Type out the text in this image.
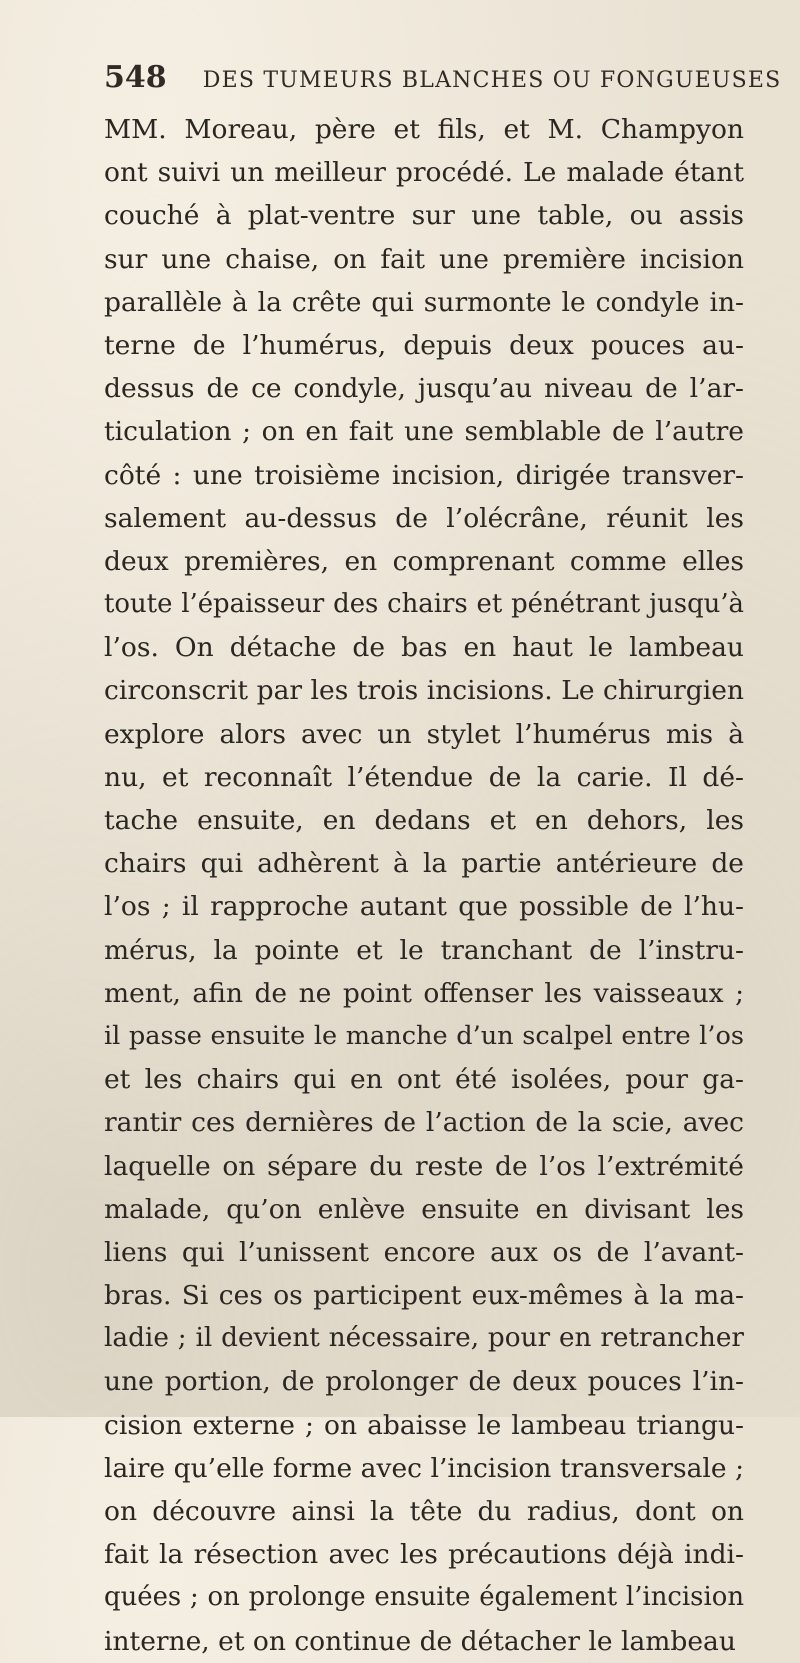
548 DES TUMEURS BLANCHES OU FONGUEUSES
MM. Moreau, père et fils, et M. Champyon
ont suivi un meilleur procédé. Le malade étant
couché à plat-ventre sur une table, ou assis
sur une chaise, on fait une première incision
parallèle à la crête qui surmonte le condyle in-
terne de l’humérus, depuis deux pouces au-
dessus de ce condyle, jusqu’au niveau de l’ar-
ticulation ; on en fait une semblable de l’autre
côté : une troisième incision, dirigée transver-
salement au-dessus de l’olécrâne, réunit les
deux premières, en comprenant comme elles
toute l’épaisseur des chairs et pénétrant jusqu’à
l’os. On détache de bas en haut le lambeau
circonscrit par les trois incisions. Le chirurgien
explore alors avec un stylet l’humérus mis à
nu, et reconnaît l’étendue de la carie. Il dé-
tache ensuite, en dedans et en dehors, les
chairs qui adhèrent à la partie antérieure de
l’os ; il rapproche autant que possible de l’hu-
mérus, la pointe et le tranchant de l’instru-
ment, afin de ne point offenser les vaisseaux ;
il passe ensuite le manche d’un scalpel entre l’os
et les chairs qui en ont été isolées, pour ga-
rantir ces dernières de l’action de la scie, avec
laquelle on sépare du reste de l’os l’extrémité
malade, qu’on enlève ensuite en divisant les
liens qui l’unissent encore aux os de l’avant-
bras. Si ces os participent eux-mêmes à la ma-
ladie ; il devient nécessaire, pour en retrancher
une portion, de prolonger de deux pouces l’in-
cision externe ; on abaisse le lambeau triangu-
laire qu’elle forme avec l’incision transversale ;
on découvre ainsi la tête du radius, dont on
fait la résection avec les précautions déjà indi-
quées ; on prolonge ensuite également l’incision
interne, et on continue de détacher le lambeau
